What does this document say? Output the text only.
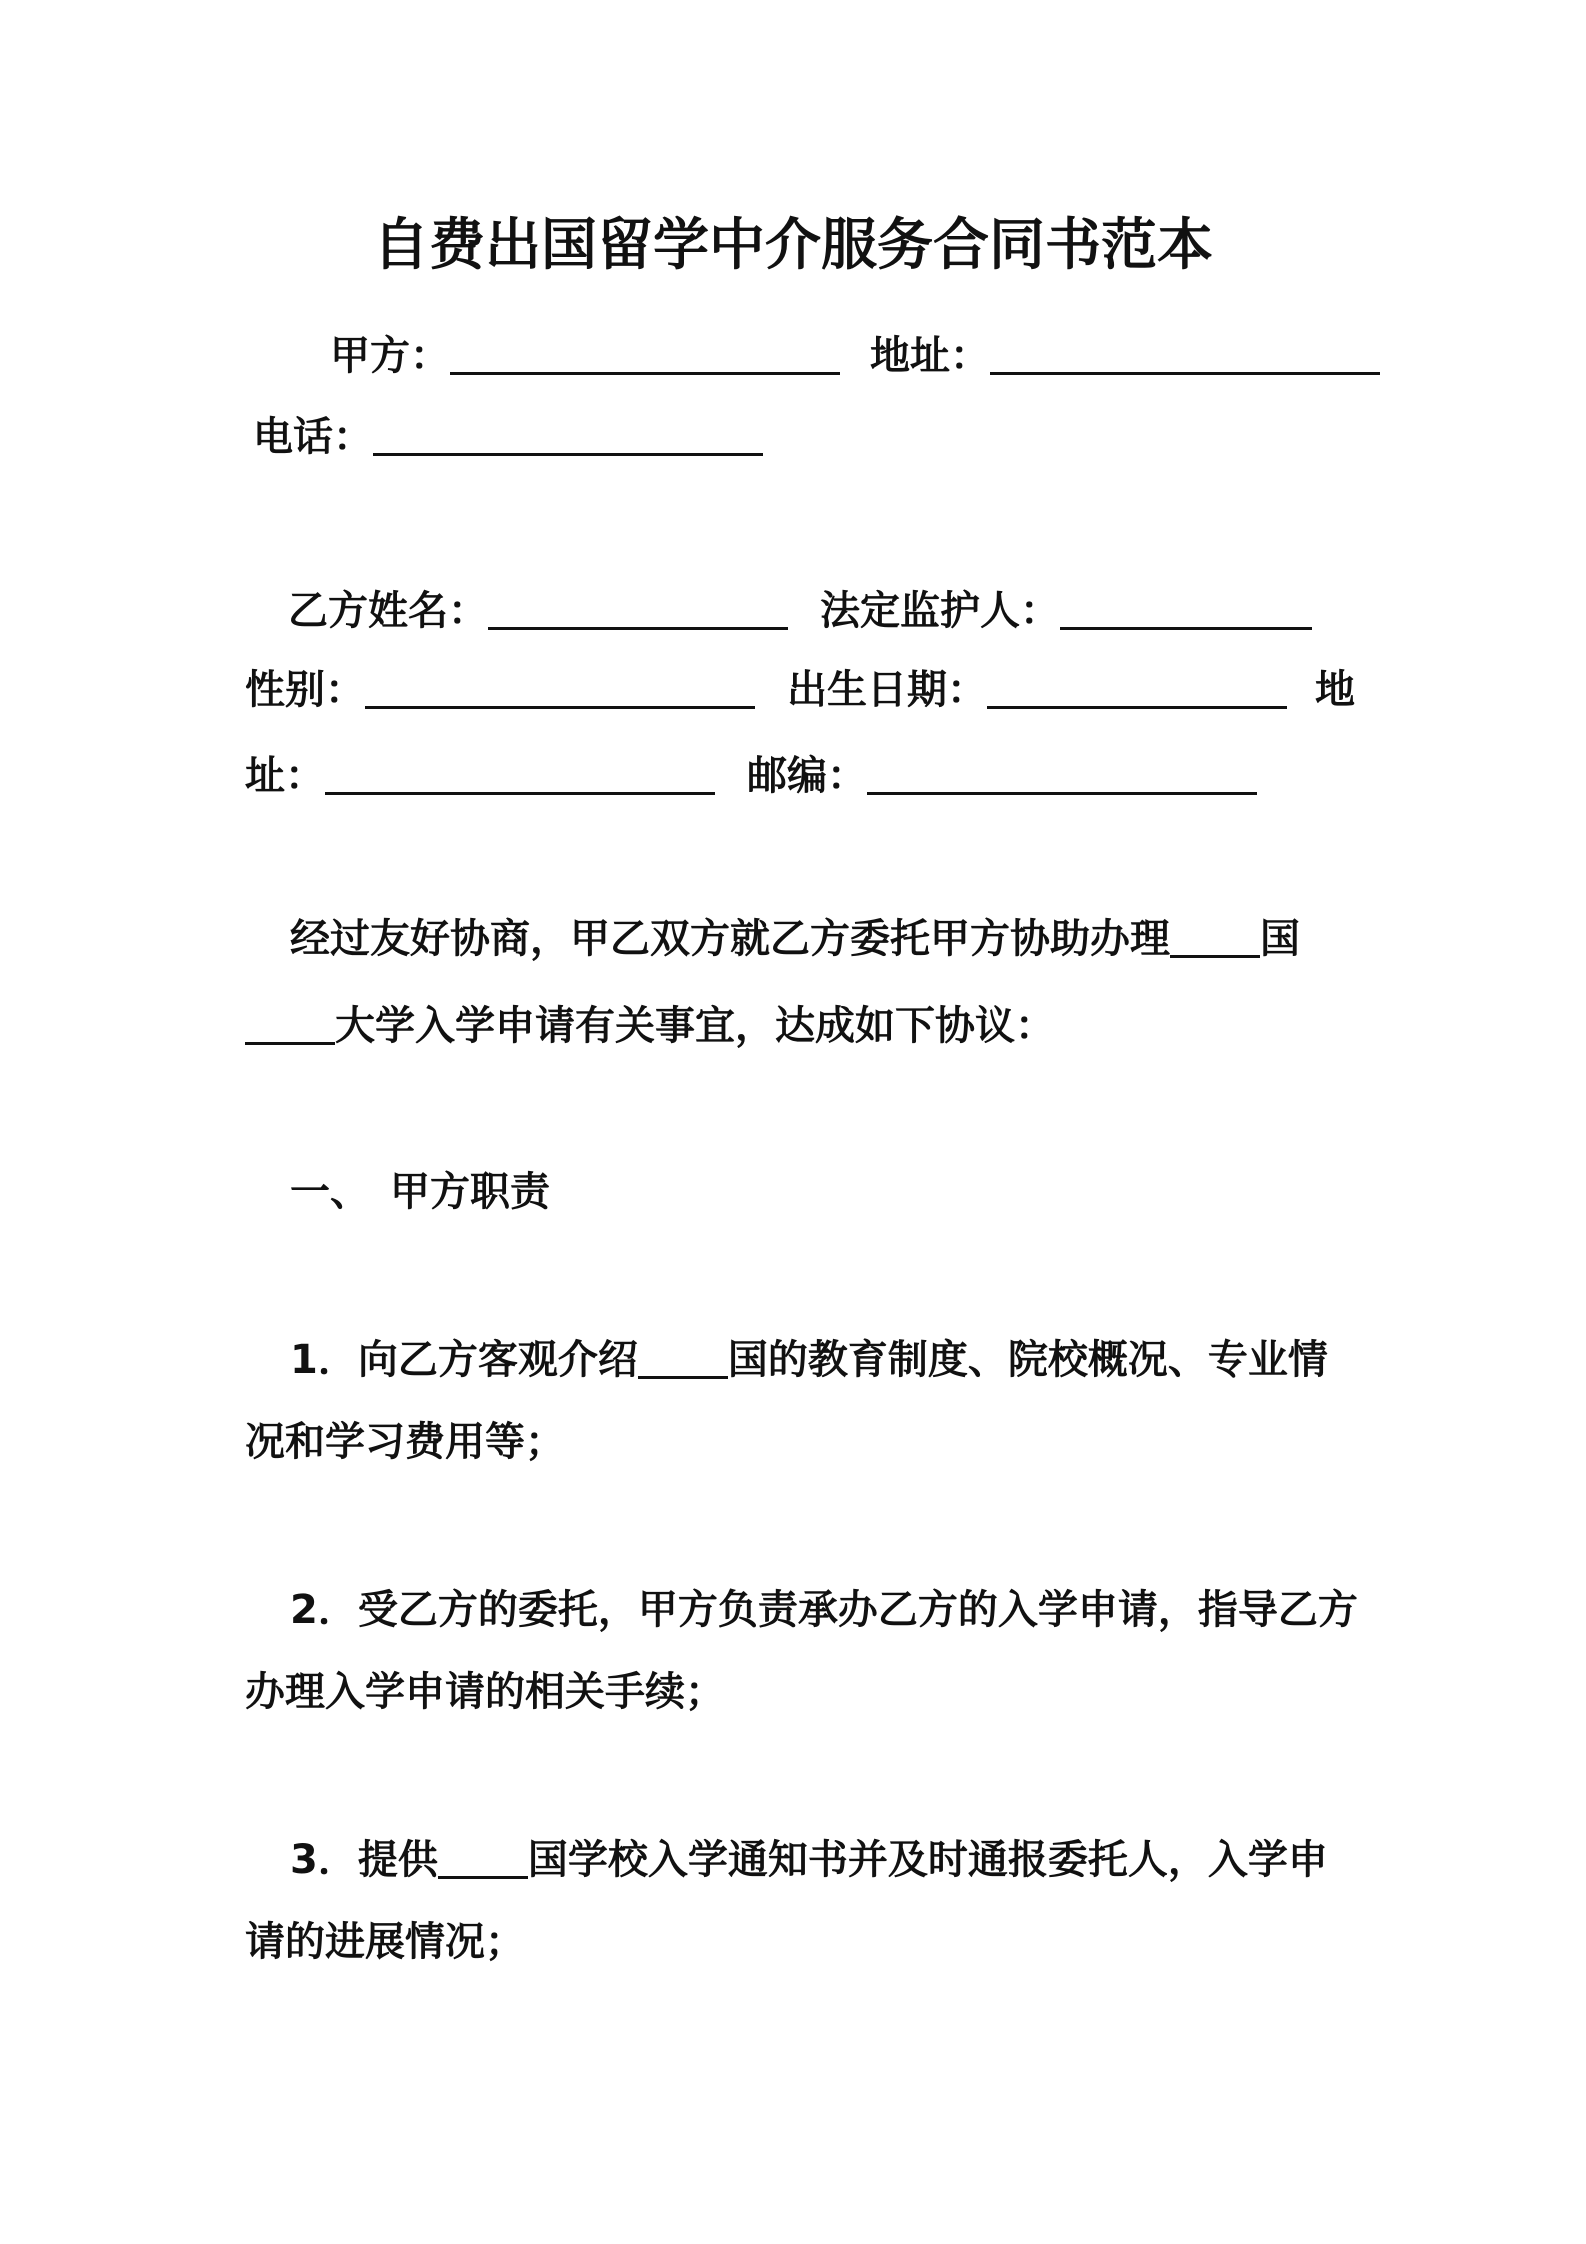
自费出国留学中介服务合同书范本
甲方：	地址：
电话：
乙方姓名：	法定监护人：
性别：	出生日期：	地
址：	邮编：
经过友好协商，甲乙双方就乙方委托甲方协助办理 国
大学入学申请有关事宜，达成如下协议：
一、　甲方职责
1．向乙方客观介绍 国的教育制度、院校概况、专业情
况和学习费用等；
2．受乙方的委托，甲方负责承办乙方的入学申请，指导乙方
办理入学申请的相关手续；
3．提供 国学校入学通知书并及时通报委托人，入学申
请的进展情况；
